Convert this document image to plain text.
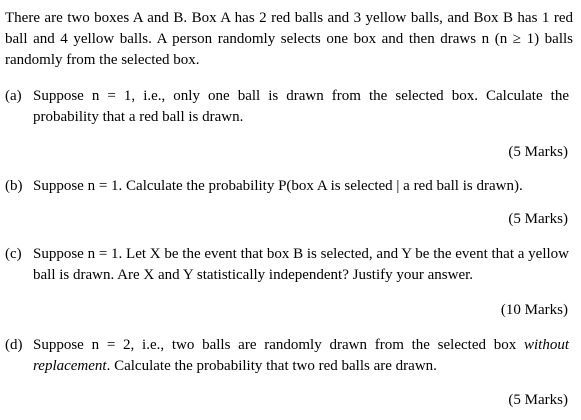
There are two boxes A and B. Box A has 2 red balls and 3 yellow balls, and Box B has 1 red ball and 4 yellow balls. A person randomly selects one box and then draws n (n ≥ 1) balls randomly from the selected box.
(a) Suppose n = 1, i.e., only one ball is drawn from the selected box. Calculate the probability that a red ball is drawn.
(5 Marks)
(b) Suppose n = 1. Calculate the probability P(box A is selected | a red ball is drawn).
(5 Marks)
(c) Suppose n = 1. Let X be the event that box B is selected, and Y be the event that a yellow ball is drawn. Are X and Y statistically independent? Justify your answer.
(10 Marks)
(d) Suppose n = 2, i.e., two balls are randomly drawn from the selected box without replacement. Calculate the probability that two red balls are drawn.
(5 Marks)
